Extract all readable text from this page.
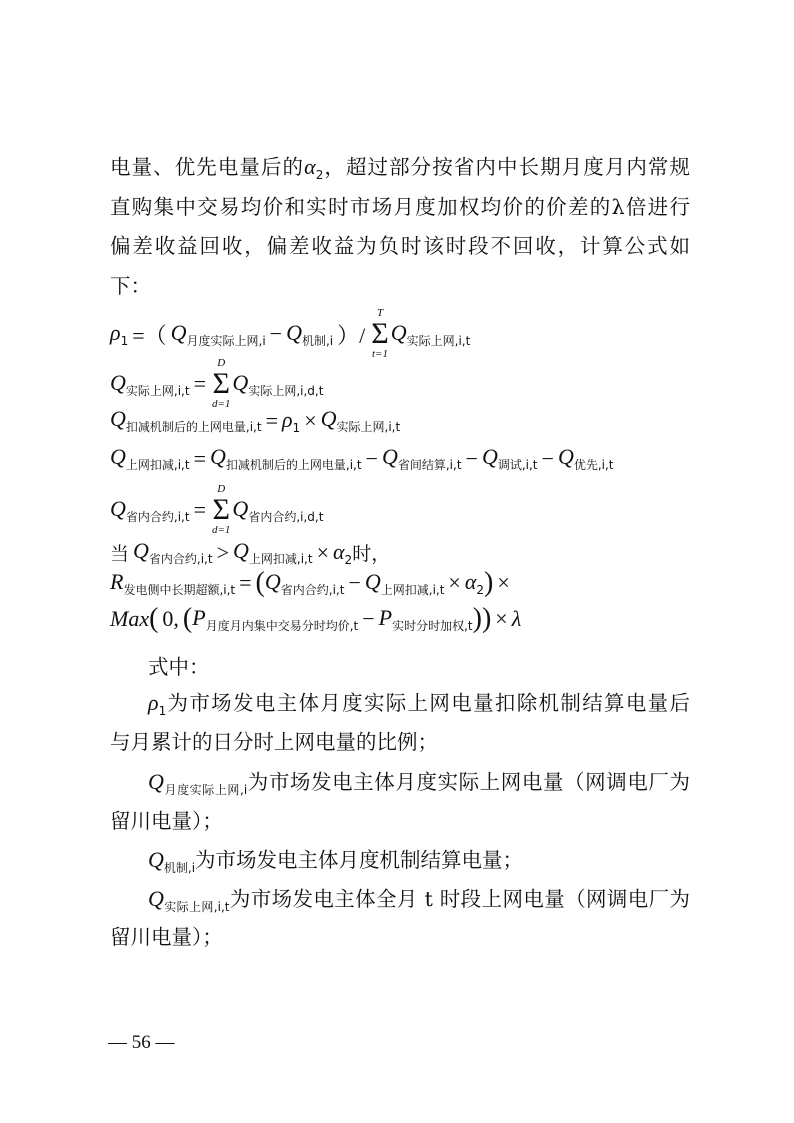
电量、优先电量后的$\alpha_2$，超过部分按省内中长期月度月内常规
直购集中交易均价和实时市场月度加权均价的价差的λ倍进行
偏差收益回收，偏差收益为负时该时段不回收，计算公式如
下：
$\rho_1$ =（ $Q_{月度实际上网,i} - Q_{机制,i}$ ）/
T
Σ
t=1
$Q_{实际上网,i,t}$
$Q_{实际上网,i,t}$ =
D
Σ
d=1
$Q_{实际上网,i,d,t}$
$Q_{扣减机制后的上网电量,i,t} = \rho_1 \times Q_{实际上网,i,t}$
$Q_{上网扣减,i,t} = Q_{扣减机制后的上网电量,i,t} - Q_{省间结算,i,t} - Q_{调试,i,t} - Q_{优先,i,t}$
$Q_{省内合约,i,t}$ =
D
Σ
d=1
$Q_{省内合约,i,d,t}$
当 $Q_{省内合约,i,t} > Q_{上网扣减,i,t} \times \alpha_2$ 时，
$R_{发电侧中长期超额,i,t}$ = ( $Q_{省内合约,i,t} - Q_{上网扣减,i,t} \times \alpha_2$ ) ×
Max ( 0, ( $P_{月度月内集中交易分时均价,t} - P_{实时分时加权,t}$ )) × λ
式中：
$\rho_1$为市场发电主体月度实际上网电量扣除机制结算电量后
与月累计的日分时上网电量的比例；
$Q_{月度实际上网,i}$为市场发电主体月度实际上网电量（网调电厂为
留川电量）；
$Q_{机制,i}$为市场发电主体月度机制结算电量；
$Q_{实际上网,i,t}$为市场发电主体全月 t 时段上网电量（网调电厂为
留川电量）；
— 56 —
